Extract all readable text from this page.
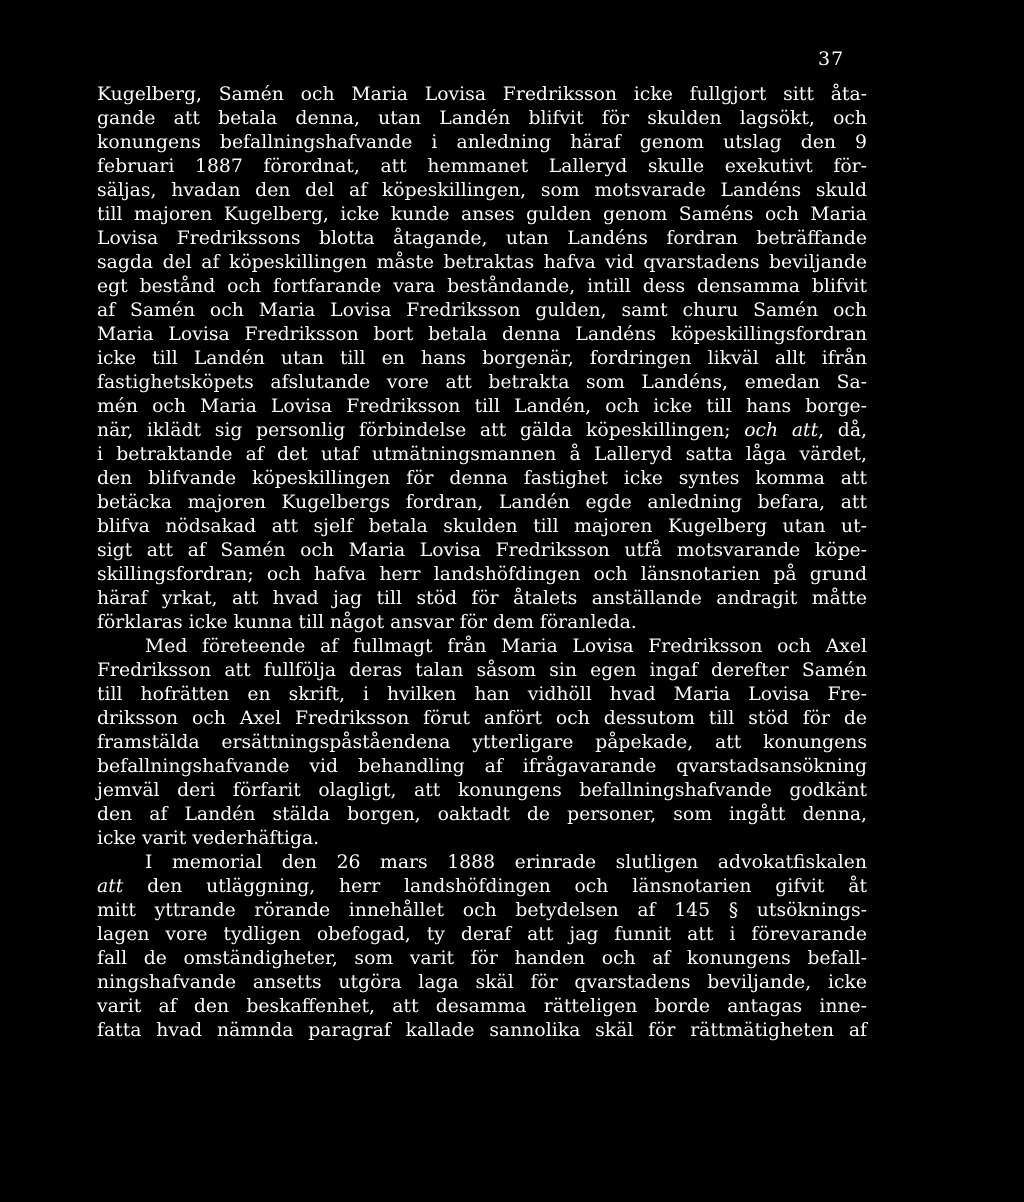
37
Kugelberg, Samén och Maria Lovisa Fredriksson icke fullgjort sitt åta-
gande att betala denna, utan Landén blifvit för skulden lagsökt, och
konungens befallningshafvande i anledning häraf genom utslag den 9
februari 1887 förordnat, att hemmanet Lalleryd skulle exekutivt för-
säljas, hvadan den del af köpeskillingen, som motsvarade Landéns skuld
till majoren Kugelberg, icke kunde anses gulden genom Saméns och Maria
Lovisa Fredrikssons blotta åtagande, utan Landéns fordran beträffande
sagda del af köpeskillingen måste betraktas hafva vid qvarstadens beviljande
egt bestånd och fortfarande vara beståndande, intill dess densamma blifvit
af Samén och Maria Lovisa Fredriksson gulden, samt churu Samén och
Maria Lovisa Fredriksson bort betala denna Landéns köpeskillingsfordran
icke till Landén utan till en hans borgenär, fordringen likväl allt ifrån
fastighetsköpets afslutande vore att betrakta som Landéns, emedan Sa-
mén och Maria Lovisa Fredriksson till Landén, och icke till hans borge-
när, iklädt sig personlig förbindelse att gälda köpeskillingen; och att, då,
i betraktande af det utaf utmätningsmannen å Lalleryd satta låga värdet,
den blifvande köpeskillingen för denna fastighet icke syntes komma att
betäcka majoren Kugelbergs fordran, Landén egde anledning befara, att
blifva nödsakad att sjelf betala skulden till majoren Kugelberg utan ut-
sigt att af Samén och Maria Lovisa Fredriksson utfå motsvarande köpe-
skillingsfordran; och hafva herr landshöfdingen och länsnotarien på grund
häraf yrkat, att hvad jag till stöd för åtalets anställande andragit måtte
förklaras icke kunna till något ansvar för dem föranleda.
Med företeende af fullmagt från Maria Lovisa Fredriksson och Axel
Fredriksson att fullfölja deras talan såsom sin egen ingaf derefter Samén
till hofrätten en skrift, i hvilken han vidhöll hvad Maria Lovisa Fre-
driksson och Axel Fredriksson förut anfört och dessutom till stöd för de
framstälda ersättningspåståendena ytterligare påpekade, att konungens
befallningshafvande vid behandling af ifrågavarande qvarstadsansökning
jemväl deri förfarit olagligt, att konungens befallningshafvande godkänt
den af Landén stälda borgen, oaktadt de personer, som ingått denna,
icke varit vederhäftiga.
I memorial den 26 mars 1888 erinrade slutligen advokatfiskalen
att den utläggning, herr landshöfdingen och länsnotarien gifvit åt
mitt yttrande rörande innehållet och betydelsen af 145 § utsöknings-
lagen vore tydligen obefogad, ty deraf att jag funnit att i förevarande
fall de omständigheter, som varit för handen och af konungens befall-
ningshafvande ansetts utgöra laga skäl för qvarstadens beviljande, icke
varit af den beskaffenhet, att desamma rätteligen borde antagas inne-
fatta hvad nämnda paragraf kallade sannolika skäl för rättmätigheten af
